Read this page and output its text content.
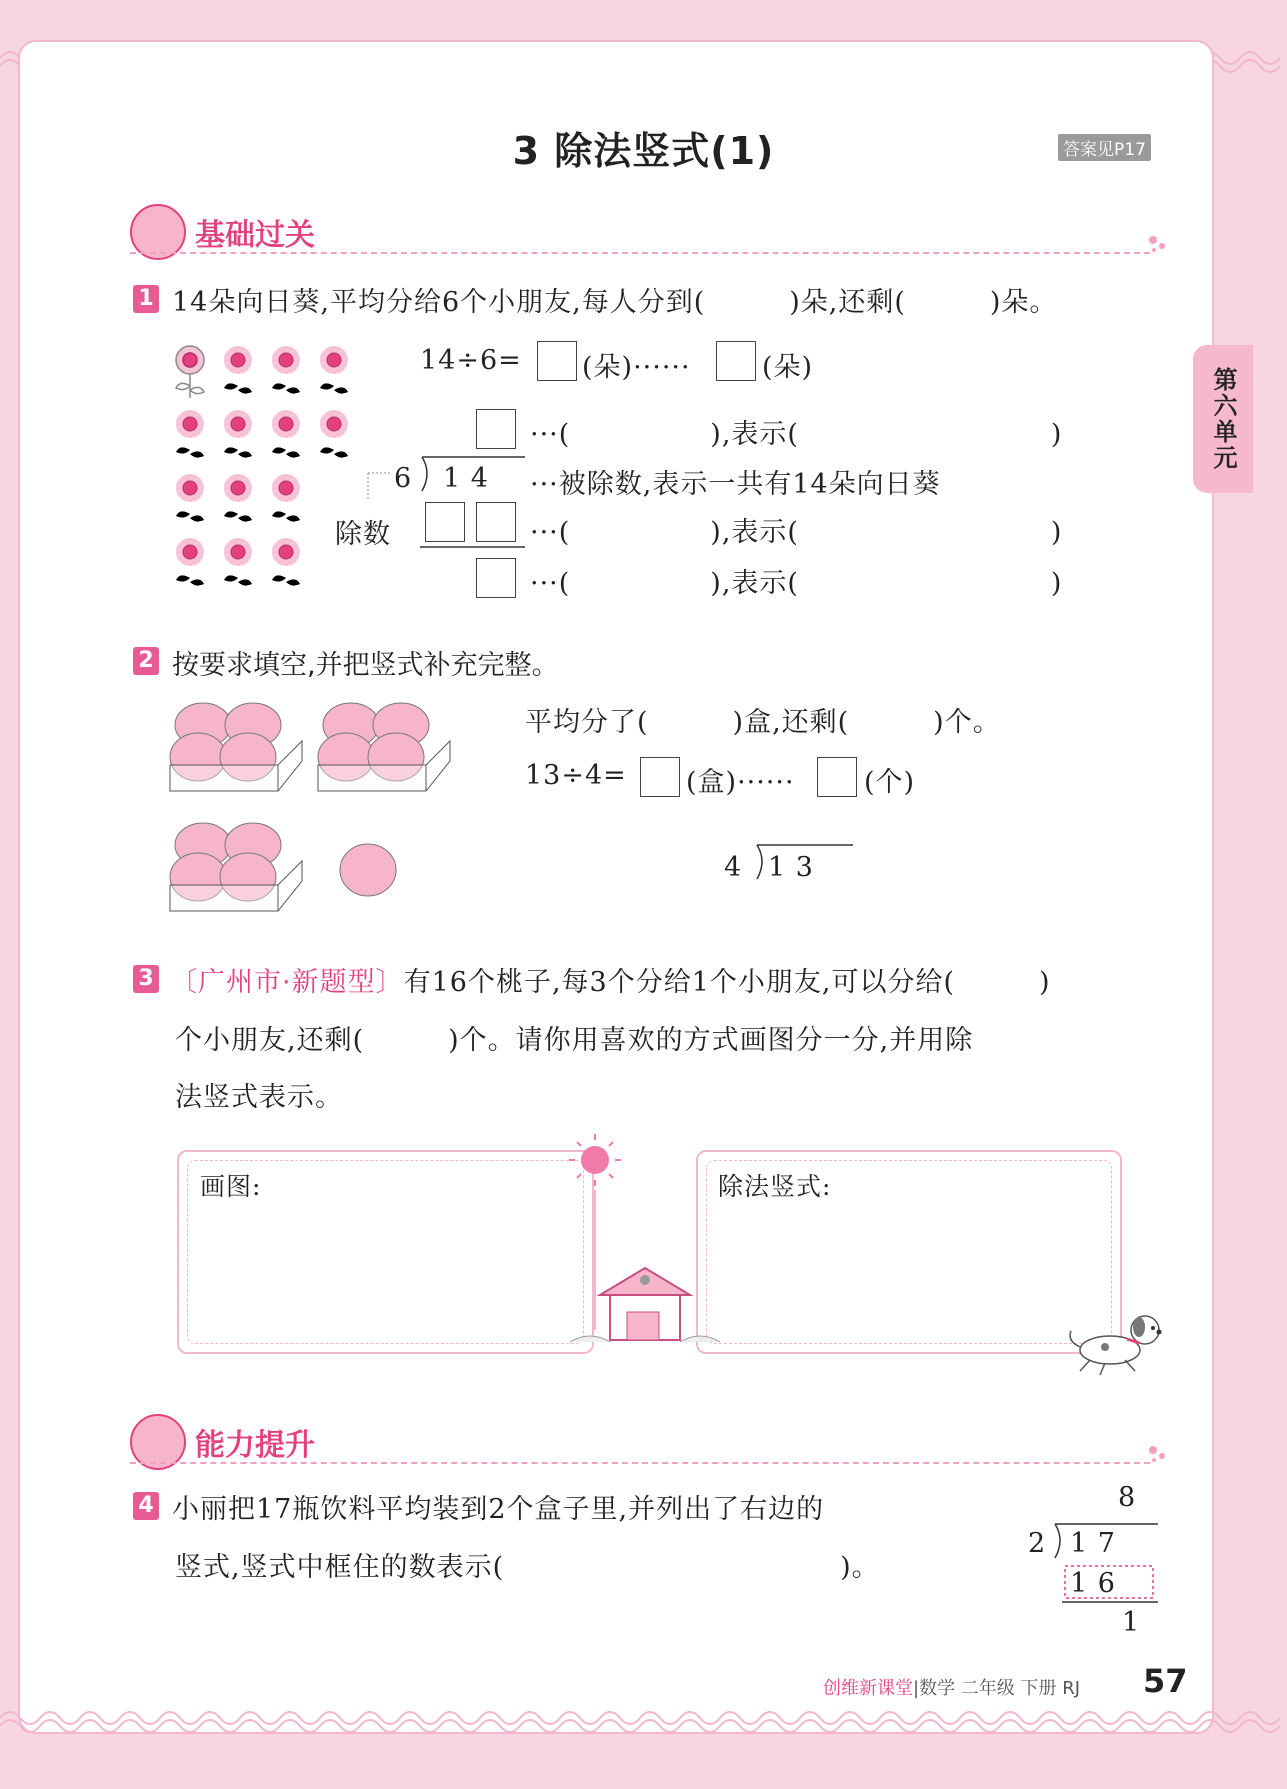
3 除法竖式(1)	答案见P17
第六单元
基础过关
1 14朵向日葵,平均分给6个小朋友,每人分到(　　　)朵,还剩(　　　)朵。
14÷6= (朵)······	(朵)
···(　　　　　),表示(　　　　　　　　　)
6 1 4 ···被除数,表示一共有14朵向日葵
除数	···(　　　　　),表示(　　　　　　　　　)
···(　　　　　),表示(　　　　　　　　　)
2 按要求填空,并把竖式补充完整。
平均分了(　　　)盒,还剩(　　　)个。
13÷4= (盒)······	(个)
4 1 3
3 〔广州市·新题型〕有16个桃子,每3个分给1个小朋友,可以分给(　　　)
个小朋友,还剩(　　　)个。请你用喜欢的方式画图分一分,并用除
法竖式表示。
画图:	除法竖式:
能力提升
4 小丽把17瓶饮料平均装到2个盒子里,并列出了右边的
竖式,竖式中框住的数表示(　　　　　　　　　　　　)。
8
2 1 7
1 6
1
创维新课堂|数学 二年级 下册 RJ 57
